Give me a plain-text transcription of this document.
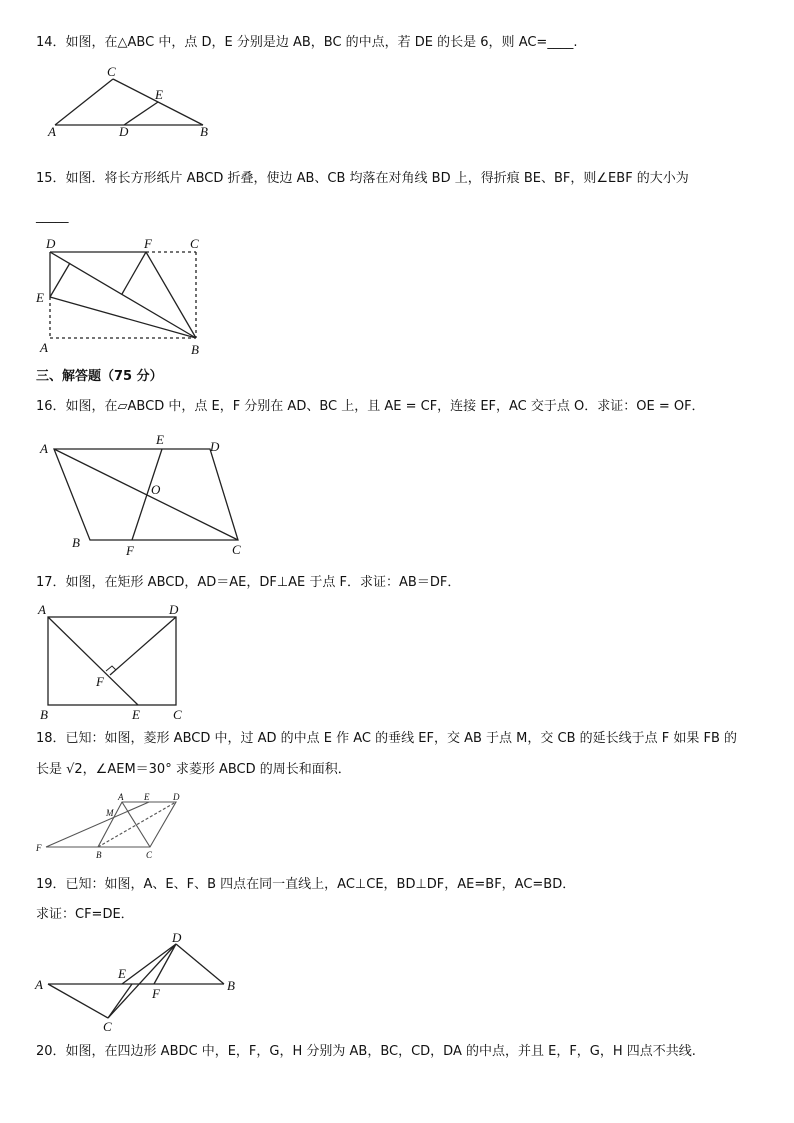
14．如图，在△ABC 中，点 D，E 分别是边 AB，BC 的中点，若 DE 的长是 6，则 AC=____.
C
E
A	D	B
15．如图．将长方形纸片 ABCD 折叠，使边 AB、CB 均落在对角线 BD 上，得折痕 BE、BF，则∠EBF 的大小为
_____
D	F	C
E
A	B
三、解答题（75 分）
16．如图，在▱ABCD 中，点 E，F 分别在 AD、BC 上，且 AE = CF，连接 EF，AC 交于点 O．求证：OE = OF．
A
E	D
O
B
F	C
17．如图，在矩形 ABCD，AD＝AE，DF⊥AE 于点 F．求证：AB＝DF．
A	D
F
B	E	C
18．已知：如图，菱形 ABCD 中，过 AD 的中点 E 作 AC 的垂线 EF，交 AB 于点 M，交 CB 的延长线于点 F 如果 FB 的
长是 √2，∠AEM＝30° 求菱形 ABCD 的周长和面积．
A E	D
M
F
B	C
19．已知：如图，A、E、F、B 四点在同一直线上，AC⊥CE，BD⊥DF，AE=BF，AC=BD．
求证：CF=DE．
D
E
A
F
B
C
20．如图，在四边形 ABDC 中，E，F，G，H 分别为 AB，BC，CD，DA 的中点，并且 E，F，G，H 四点不共线.
